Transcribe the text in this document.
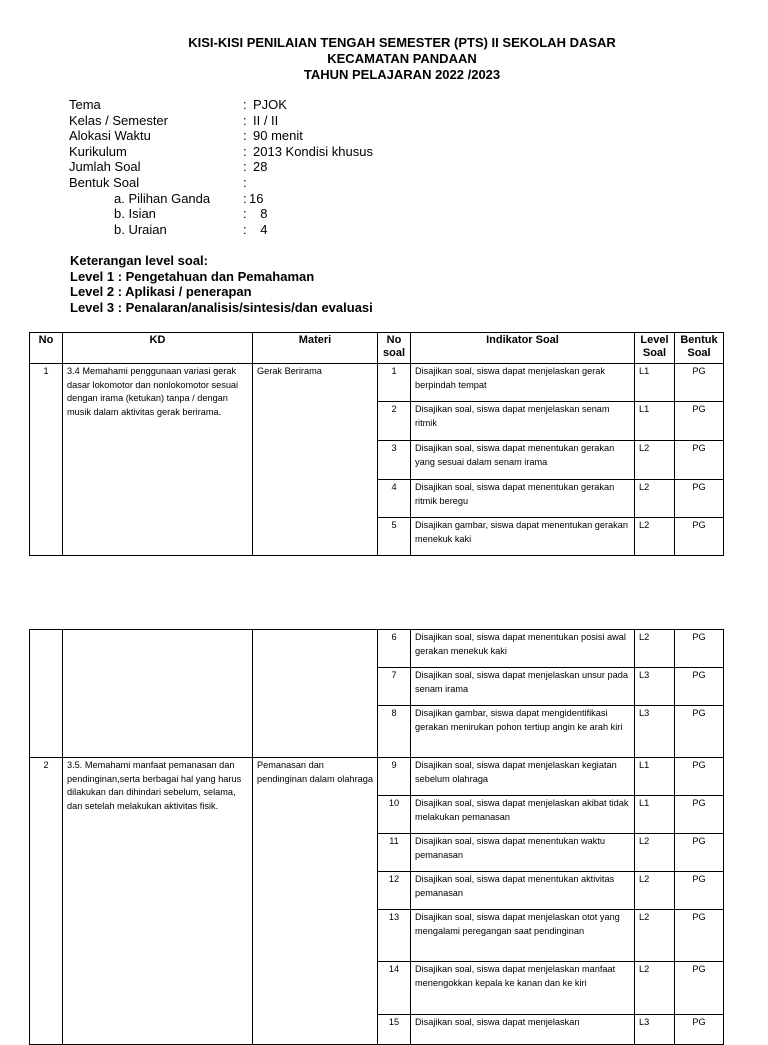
KISI-KISI PENILAIAN TENGAH SEMESTER (PTS) II SEKOLAH DASAR
KECAMATAN PANDAAN
TAHUN PELAJARAN 2022 /2023
Tema	: PJOK
Kelas / Semester	: II / II
Alokasi Waktu	: 90 menit
Kurikulum	: 2013 Kondisi khusus
Jumlah Soal	: 28
Bentuk Soal	:
a. Pilihan Ganda	: 16
b. Isian	: 8
b. Uraian	: 4
Keterangan level soal:
Level 1 : Pengetahuan dan Pemahaman
Level 2 : Aplikasi / penerapan
Level 3 : Penalaran/analisis/sintesis/dan evaluasi
No	KD	Materi	No soal	Indikator Soal	Level Soal	Bentuk Soal
1	3.4 Memahami penggunaan variasi gerak dasar lokomotor dan nonlokomotor sesuai dengan irama (ketukan) tanpa / dengan musik dalam aktivitas gerak berirama.	Gerak Berirama	1	Disajikan soal, siswa dapat menjelaskan gerak berpindah tempat	L1	PG
			2	Disajikan soal, siswa dapat menjelaskan senam ritmik	L1	PG
			3	Disajikan soal, siswa dapat menentukan gerakan yang sesuai dalam senam irama	L2	PG
			4	Disajikan soal, siswa dapat menentukan gerakan ritmik beregu	L2	PG
			5	Disajikan gambar, siswa dapat menentukan gerakan menekuk kaki	L2	PG
			6	Disajikan soal, siswa dapat menentukan posisi awal gerakan menekuk kaki	L2	PG
			7	Disajikan soal, siswa dapat menjelaskan unsur pada senam irama	L3	PG
			8	Disajikan gambar, siswa dapat mengidentifikasi gerakan menirukan pohon tertiup angin ke arah kiri	L3	PG
2	3.5. Memahami manfaat pemanasan dan pendinginan,serta berbagai hal yang harus dilakukan dan dihindari sebelum, selama, dan setelah melakukan aktivitas fisik.	Pemanasan dan pendinginan dalam olahraga	9	Disajikan soal, siswa dapat menjelaskan kegiatan sebelum olahraga	L1	PG
			10	Disajikan soal, siswa dapat menjelaskan akibat tidak melakukan pemanasan	L1	PG
			11	Disajikan soal, siswa dapat menentukan waktu pemanasan	L2	PG
			12	Disajikan soal, siswa dapat menentukan aktivitas pemanasan	L2	PG
			13	Disajikan soal, siswa dapat menjelaskan otot yang mengalami peregangan saat pendinginan	L2	PG
			14	Disajikan soal, siswa dapat menjelaskan manfaat menengokkan kepala ke kanan dan ke kiri	L2	PG
			15	Disajikan soal, siswa dapat menjelaskan	L3	PG
